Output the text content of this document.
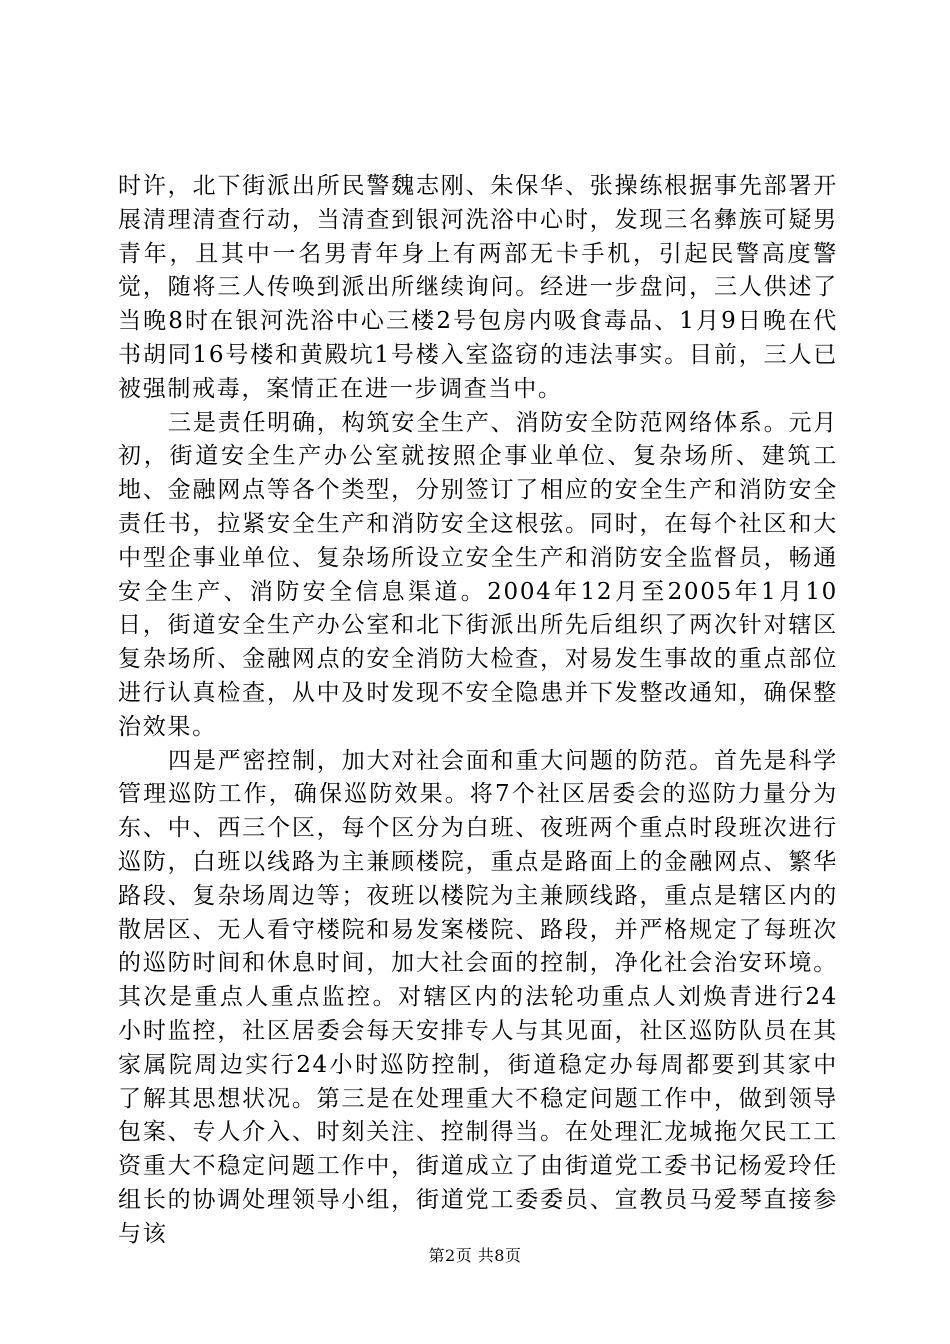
时许，北下街派出所民警魏志刚、朱保华、张操练根据事先部署开展清理清查行动，当清查到银河洗浴中心时，发现三名彝族可疑男青年，且其中一名男青年身上有两部无卡手机，引起民警高度警觉，随将三人传唤到派出所继续询问。经进一步盘问，三人供述了当晚8时在银河洗浴中心三楼2号包房内吸食毒品、1月9日晚在代书胡同16号楼和黄殿坑1号楼入室盗窃的违法事实。目前，三人已被强制戒毒，案情正在进一步调查当中。

三是责任明确，构筑安全生产、消防安全防范网络体系。元月初，街道安全生产办公室就按照企事业单位、复杂场所、建筑工地、金融网点等各个类型，分别签订了相应的安全生产和消防安全责任书，拉紧安全生产和消防安全这根弦。同时，在每个社区和大中型企事业单位、复杂场所设立安全生产和消防安全监督员，畅通安全生产、消防安全信息渠道。2004年12月至2005年1月10日，街道安全生产办公室和北下街派出所先后组织了两次针对辖区复杂场所、金融网点的安全消防大检查，对易发生事故的重点部位进行认真检查，从中及时发现不安全隐患并下发整改通知，确保整治效果。

四是严密控制，加大对社会面和重大问题的防范。首先是科学管理巡防工作，确保巡防效果。将7个社区居委会的巡防力量分为东、中、西三个区，每个区分为白班、夜班两个重点时段班次进行巡防，白班以线路为主兼顾楼院，重点是路面上的金融网点、繁华路段、复杂场周边等；夜班以楼院为主兼顾线路，重点是辖区内的散居区、无人看守楼院和易发案楼院、路段，并严格规定了每班次的巡防时间和休息时间，加大社会面的控制，净化社会治安环境。其次是重点人重点监控。对辖区内的法轮功重点人刘焕青进行24小时监控，社区居委会每天安排专人与其见面，社区巡防队员在其家属院周边实行24小时巡防控制，街道稳定办每周都要到其家中了解其思想状况。第三是在处理重大不稳定问题工作中，做到领导包案、专人介入、时刻关注、控制得当。在处理汇龙城拖欠民工工资重大不稳定问题工作中，街道成立了由街道党工委书记杨爱玲任组长的协调处理领导小组，街道党工委委员、宣教员马爱琴直接参与该

第2页 共8页
